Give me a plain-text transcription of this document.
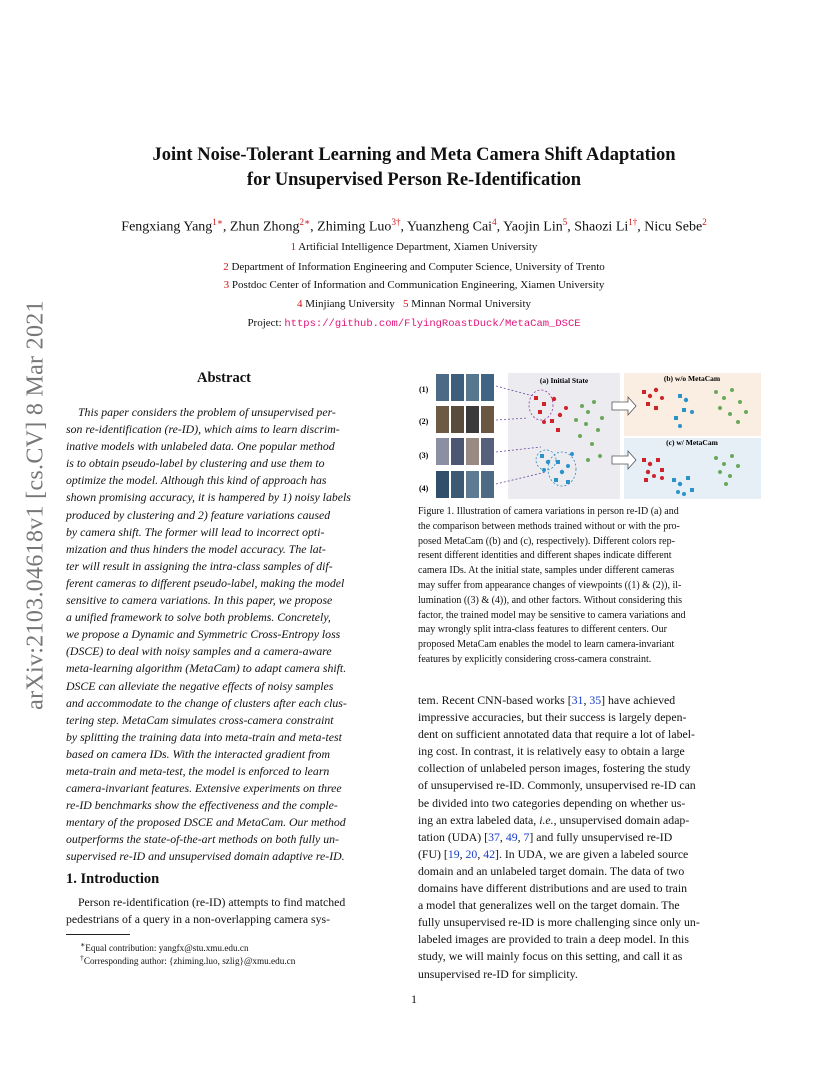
arXiv:2103.04618v1 [cs.CV] 8 Mar 2021
Joint Noise-Tolerant Learning and Meta Camera Shift Adaptation
for Unsupervised Person Re-Identification
Fengxiang Yang$^{1∗}$, Zhun Zhong$^{2∗}$, Zhiming Luo$^{3\dagger}$, Yuanzheng Cai$^4$, Yaojin Lin$^5$, Shaozi $Li^{1\dagger}$, Nicu Sebe$^2$
1 Artificial Intelligence Department, Xiamen University
2 Department of Information Engineering and Computer Science, University of Trento
3 Postdoc Center of Information and Communication Engineering, Xiamen University
4 Minjiang University 5 Minnan Normal University
Project: https://github.com/FlyingRoastDuck/MetaCam_DSCE
Abstract
This paper considers the problem of unsupervised per-
son re-identification (re-ID), which aims to learn discrim-
inative models with unlabeled data. One popular method
is to obtain pseudo-label by clustering and use them to
optimize the model. Although this kind of approach has
shown promising accuracy, it is hampered by 1) noisy labels
produced by clustering and 2) feature variations caused
by camera shift. The former will lead to incorrect opti-
mization and thus hinders the model accuracy. The lat-
ter will result in assigning the intra-class samples of dif-
ferent cameras to different pseudo-label, making the model
sensitive to camera variations. In this paper, we propose
a unified framework to solve both problems. Concretely,
we propose a Dynamic and Symmetric Cross-Entropy loss
(DSCE) to deal with noisy samples and a camera-aware
meta-learning algorithm (MetaCam) to adapt camera shift.
DSCE can alleviate the negative effects of noisy samples
and accommodate to the change of clusters after each clus-
tering step. MetaCam simulates cross-camera constraint
by splitting the training data into meta-train and meta-test
based on camera IDs. With the interacted gradient from
meta-train and meta-test, the model is enforced to learn
camera-invariant features. Extensive experiments on three
re-ID benchmarks show the effectiveness and the comple-
mentary of the proposed DSCE and MetaCam. Our method
outperforms the state-of-the-art methods on both fully un-
supervised re-ID and unsupervised domain adaptive re-ID.
1. Introduction
Person re-identification (re-ID) attempts to find matched
pedestrians of a query in a non-overlapping camera sys-
∗Equal contribution: yangfx@stu.xmu.edu.cn
†Corresponding author: {zhiming.luo, szlig}@xmu.edu.cn
(1)
(2)
(3)
(4)
(a) Initial State	(b) w/o MetaCam
(c) w/ MetaCam
Figure 1. Illustration of camera variations in person re-ID (a) and
the comparison between methods trained without or with the pro-
posed MetaCam ((b) and (c), respectively). Different colors rep-
resent different identities and different shapes indicate different
camera IDs. At the initial state, samples under different cameras
may suffer from appearance changes of viewpoints ((1) & (2)), il-
lumination ((3) & (4)), and other factors. Without considering this
factor, the trained model may be sensitive to camera variations and
may wrongly split intra-class features to different centers. Our
proposed MetaCam enables the model to learn camera-invariant
features by explicitly considering cross-camera constraint.
tem. Recent CNN-based works [31, 35] have achieved
impressive accuracies, but their success is largely depen-
dent on sufficient annotated data that require a lot of label-
ing cost. In contrast, it is relatively easy to obtain a large
collection of unlabeled person images, fostering the study
of unsupervised re-ID. Commonly, unsupervised re-ID can
be divided into two categories depending on whether us-
ing an extra labeled data, i.e., unsupervised domain adap-
tation (UDA) [37, 49, 7] and fully unsupervised re-ID
(FU) [19, 20, 42]. In UDA, we are given a labeled source
domain and an unlabeled target domain. The data of two
domains have different distributions and are used to train
a model that generalizes well on the target domain. The
fully unsupervised re-ID is more challenging since only un-
labeled images are provided to train a deep model. In this
study, we will mainly focus on this setting, and call it as
unsupervised re-ID for simplicity.
1
